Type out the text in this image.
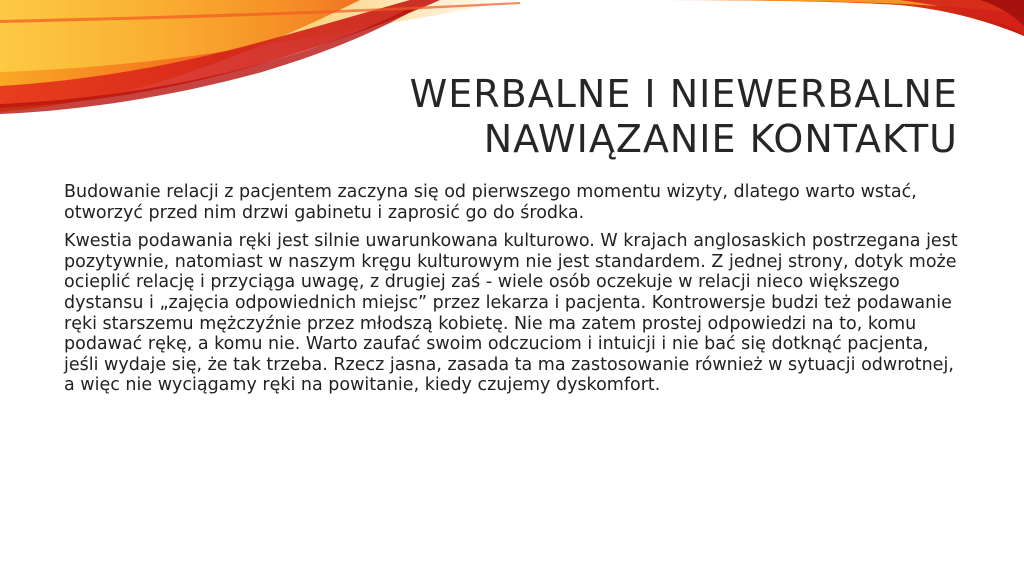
WERBALNE I NIEWERBALNE
NAWIĄZANIE KONTAKTU

Budowanie relacji z pacjentem zaczyna się od pierwszego momentu wizyty, dlatego warto wstać, otworzyć przed nim drzwi gabinetu i zaprosić go do środka.

Kwestia podawania ręki jest silnie uwarunkowana kulturowo. W krajach anglosaskich postrzegana jest pozytywnie, natomiast w naszym kręgu kulturowym nie jest standardem. Z jednej strony, dotyk może ocieplić relację i przyciąga uwagę, z drugiej zaś - wiele osób oczekuje w relacji nieco większego dystansu i „zajęcia odpowiednich miejsc” przez lekarza i pacjenta. Kontrowersje budzi też podawanie ręki starszemu mężczyźnie przez młodszą kobietę. Nie ma zatem prostej odpowiedzi na to, komu podawać rękę, a komu nie. Warto zaufać swoim odczuciom i intuicji i nie bać się dotknąć pacjenta, jeśli wydaje się, że tak trzeba. Rzecz jasna, zasada ta ma zastosowanie również w sytuacji odwrotnej, a więc nie wyciągamy ręki na powitanie, kiedy czujemy dyskomfort.
